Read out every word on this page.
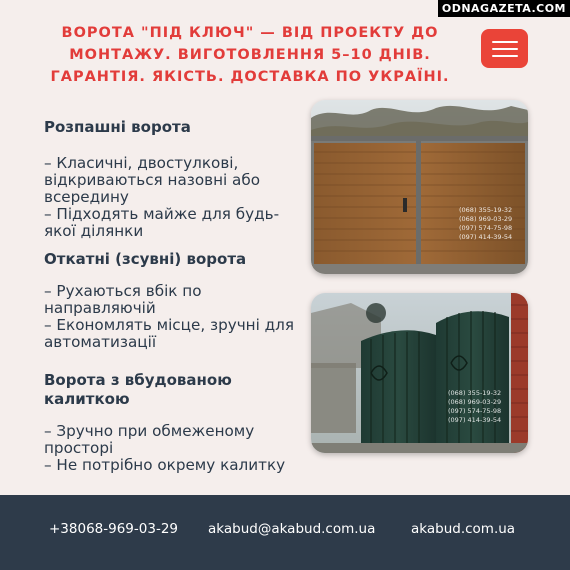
ODNAGAZETA.COM
ВОРОТА "ПІД КЛЮЧ" — ВІД ПРОЕКТУ ДО МОНТАЖУ. ВИГОТОВЛЕННЯ 5–10 ДНІВ. ГАРАНТІЯ. ЯКІСТЬ. ДОСТАВКА ПО УКРАЇНІ.
Розпашні ворота
– Класичні, двостулкові, відкриваються назовні або всередину
– Підходять майже для будь-якої ділянки
Откатні (зсувні) ворота
– Рухаються вбік по направляючій
– Економлять місце, зручні для автоматизації
Ворота з вбудованою калиткою
– Зручно при обмеженому просторі
– Не потрібно окрему калитку
(068) 355-19-32
(068) 969-03-29
(097) 574-75-98
(097) 414-39-54
(068) 355-19-32
(068) 969-03-29
(097) 574-75-98
(097) 414-39-54
+38068-969-03-29 akabud@akabud.com.ua	akabud.com.ua
